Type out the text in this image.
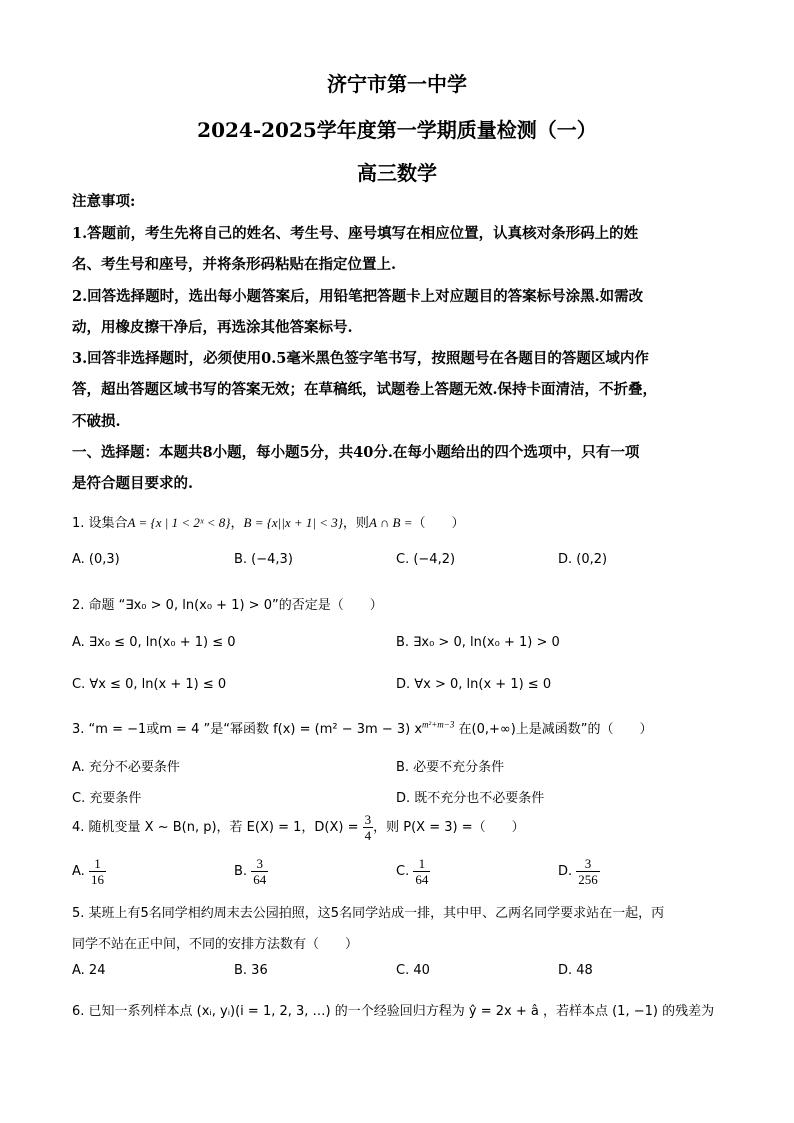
济宁市第一中学
2024-2025学年度第一学期质量检测（一）
高三数学
注意事项:
1.答题前，考生先将自己的姓名、考生号、座号填写在相应位置，认真核对条形码上的姓
名、考生号和座号，并将条形码粘贴在指定位置上.
2.回答选择题时，选出每小题答案后，用铅笔把答题卡上对应题目的答案标号涂黑.如需改
动，用橡皮擦干净后，再选涂其他答案标号.
3.回答非选择题时，必须使用0.5毫米黑色签字笔书写，按照题号在各题目的答题区域内作
答，超出答题区域书写的答案无效；在草稿纸，试题卷上答题无效.保持卡面清洁，不折叠，
不破损.
一、选择题：本题共8小题，每小题5分，共40分.在每小题给出的四个选项中，只有一项
是符合题目要求的.
1. 设集合A = {x | 1 < 2ˣ < 8}，B = {x||x + 1| < 3}，则A ∩ B =（　　）
A. (0,3)	B. (−4,3)	C. (−4,2)	D. (0,2)
2. 命题 “∃x₀ > 0, ln(x₀ + 1) > 0”的否定是（　　）
A. ∃x₀ ≤ 0, ln(x₀ + 1) ≤ 0	B. ∃x₀ > 0, ln(x₀ + 1) > 0
C. ∀x ≤ 0, ln(x + 1) ≤ 0	D. ∀x > 0, ln(x + 1) ≤ 0
3. “m = −1或m = 4 ”是“幂函数 f(x) = (m² − 3m − 3) $x^{m^2+m-3}$ 在(0,+∞)上是减函数”的（　　）
A. 充分不必要条件	B. 必要不充分条件
C. 充要条件	D. 既不充分也不必要条件
4. 随机变量 X ~ B(n, p)，若 E(X) = 1，$D(X) = \frac{3}{4}$ ，则 P(X = 3) =（　　）
A. $\frac{1}{16}$	B. $\frac{3}{64}$	C. $\frac{1}{64}$	D. $\frac{3}{256}$
5. 某班上有5名同学相约周末去公园拍照，这5名同学站成一排，其中甲、乙两名同学要求站在一起，丙
同学不站在正中间，不同的安排方法数有（　　）
A. 24	B. 36	C. 40	D. 48
6. 已知一系列样本点 (xᵢ, yᵢ)(i = 1, 2, 3, …) 的一个经验回归方程为 ŷ = 2x + â ，若样本点 (1, −1) 的残差为
